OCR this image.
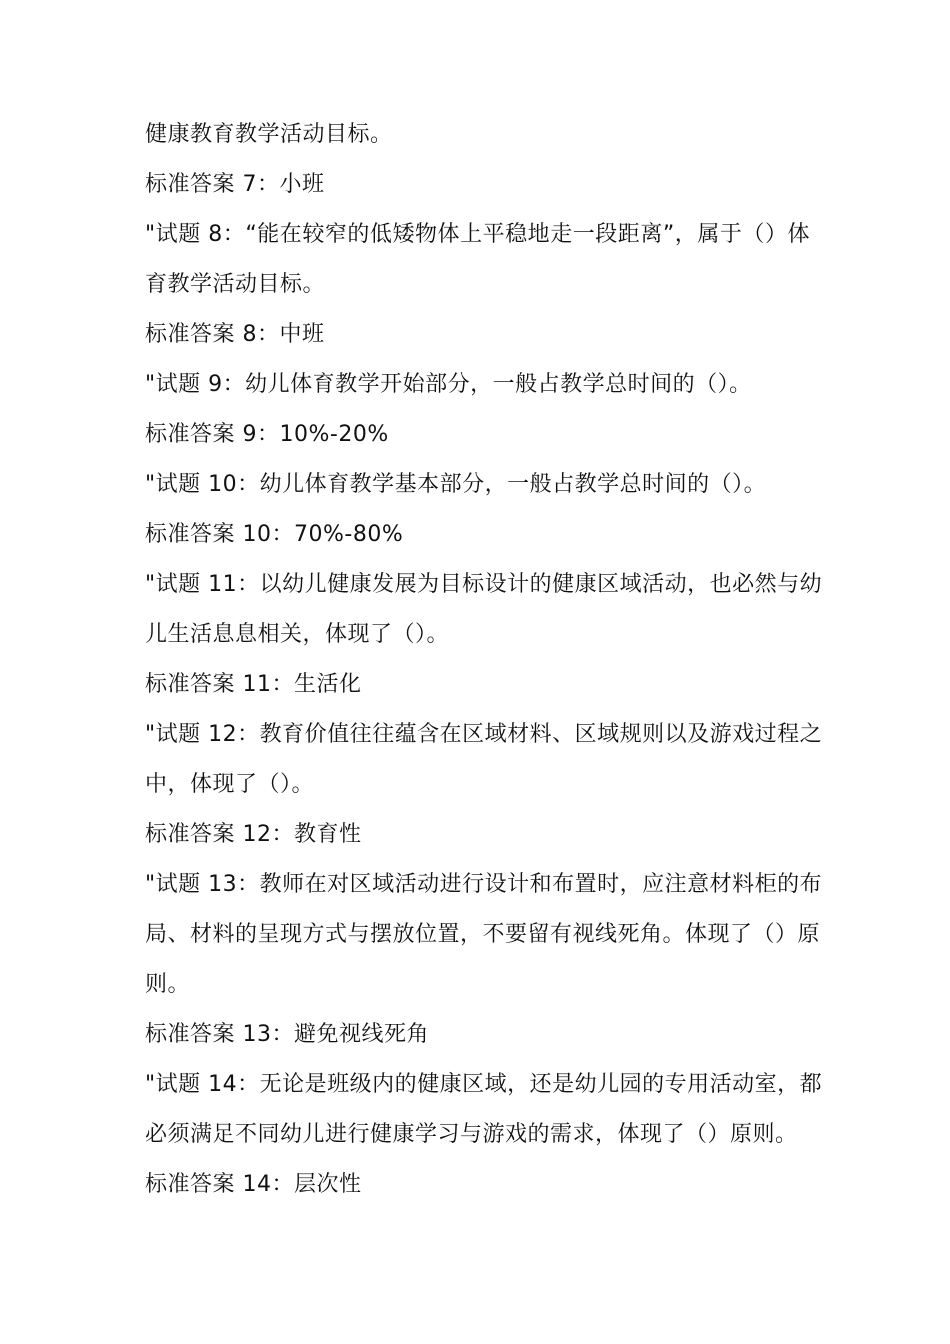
健康教育教学活动目标。
标准答案 7：小班
"试题 8：“能在较窄的低矮物体上平稳地走一段距离”，属于（）体
育教学活动目标。
标准答案 8：中班
"试题 9：幼儿体育教学开始部分，一般占教学总时间的（）。
标准答案 9：10%-20%
"试题 10：幼儿体育教学基本部分，一般占教学总时间的（）。
标准答案 10：70%-80%
"试题 11：以幼儿健康发展为目标设计的健康区域活动，也必然与幼
儿生活息息相关，体现了（）。
标准答案 11：生活化
"试题 12：教育价值往往蕴含在区域材料、区域规则以及游戏过程之
中，体现了（）。
标准答案 12：教育性
"试题 13：教师在对区域活动进行设计和布置时，应注意材料柜的布
局、材料的呈现方式与摆放位置，不要留有视线死角。体现了（）原
则。
标准答案 13：避免视线死角
"试题 14：无论是班级内的健康区域，还是幼儿园的专用活动室，都
必须满足不同幼儿进行健康学习与游戏的需求，体现了（）原则。
标准答案 14：层次性
